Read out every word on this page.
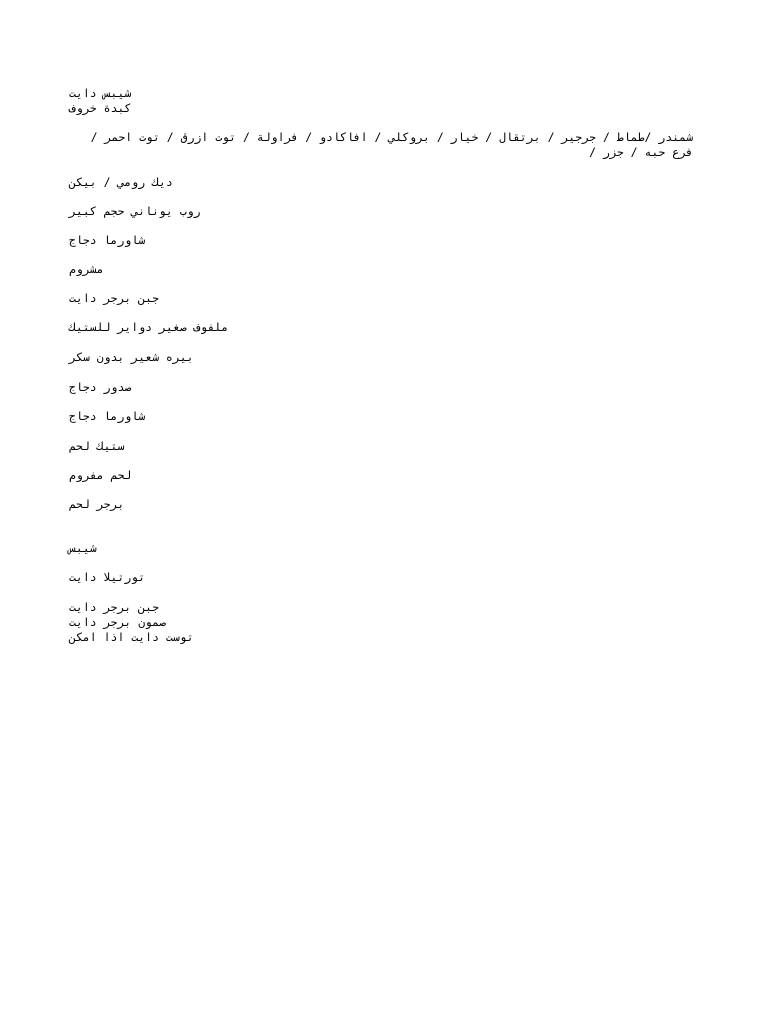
شيبس دايت
كبدة خروف
شمندر /طماط / جرجير / برتقال / خيار / بروكلي / افاكادو / فراولة / توت ازرق / توت احمر / فرع حبه / جزر /
ديك رومي / بيكن
روب يوناني حجم كبير
شاورما دجاج
مشروم
جبن برجر دايت
ملفوف صغير دواير للستيك
بيره شعير بدون سكر
صدور دجاج
شاورما دجاج
ستيك لحم
لحم مفروم
برجر لحم
شيبس
تورتيلا دايت
جبن برجر دايت
صمون برجر دايت
توست دايت اذا امكن
